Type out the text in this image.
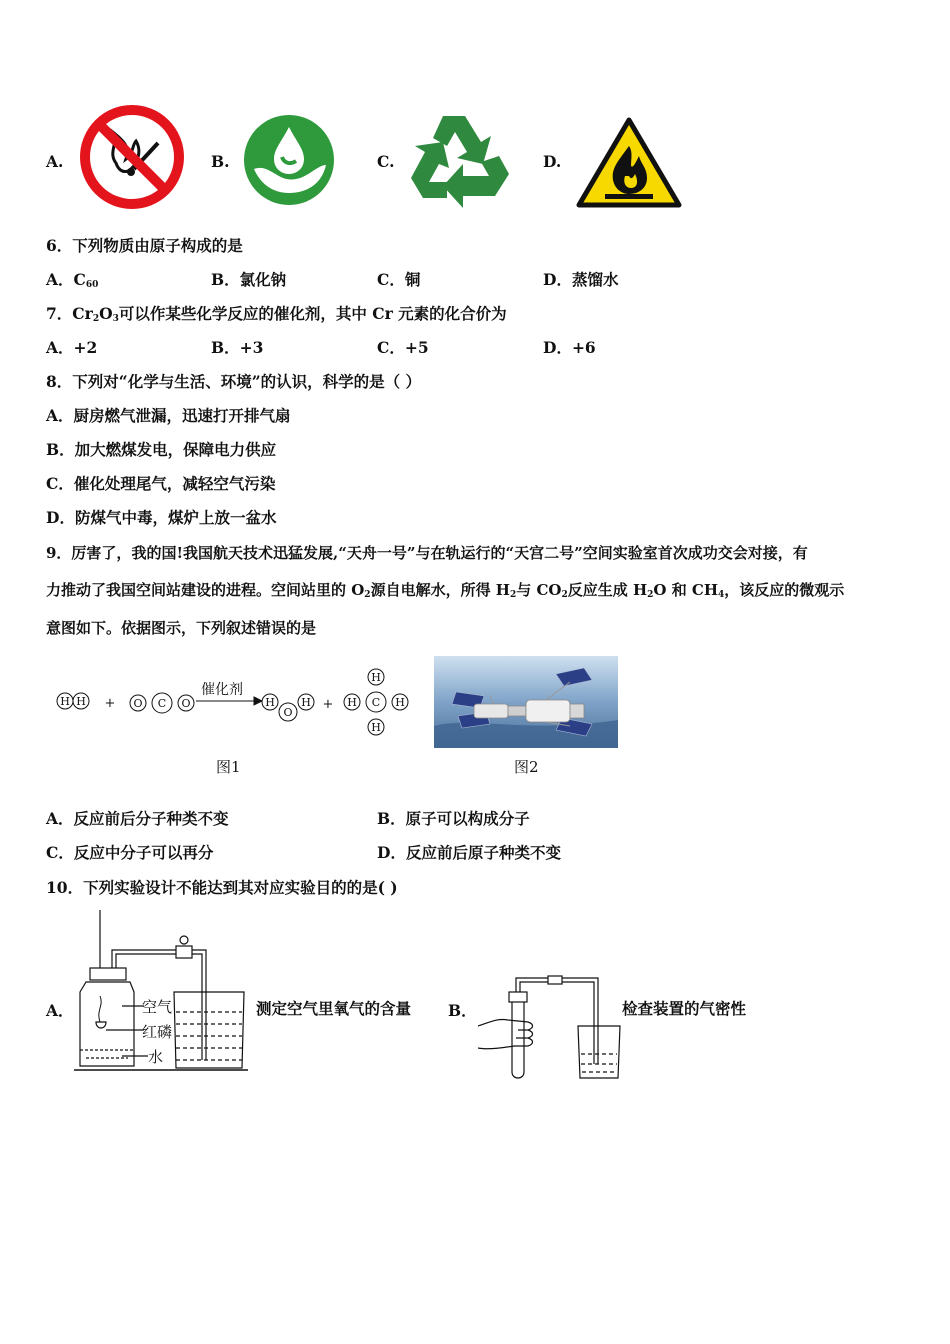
A.	B.	C.	D.
6．下列物质由原子构成的是
A．$C_{60}$	B．氯化钠	C．铜	D．蒸馏水
7．$Cr_2O_3$可以作某些化学反应的催化剂，其中 Cr 元素的化合价为
A．+2	B．+3	C．+5	D．+6
8．下列对“化学与生活、环境”的认识，科学的是（ ）
A．厨房燃气泄漏，迅速打开排气扇
B．加大燃煤发电，保障电力供应
C．催化处理尾气，减轻空气污染
D．防煤气中毒，煤炉上放一盆水
9．厉害了，我的国!我国航天技术迅猛发展,“天舟一号”与在轨运行的“天宫二号”空间实验室首次成功交会对接，有
力推动了我国空间站建设的进程。空间站里的 $O_2$源自电解水，所得 $H_2$与 $CO_2$反应生成 $H_2O$ 和 $CH_4$，该反应的微观示
意图如下。依据图示，下列叙述错误的是
H H + O C O
催化剂
H
O
H +
H
H C H
H
图1	图2
A．反应前后分子种类不变	B．原子可以构成分子
C．反应中分子可以再分	D．反应前后原子种类不变
10．下列实验设计不能达到其对应实验目的的是( )
A．	空气
红磷
水
测定空气里氧气的含量 B．	检查装置的气密性
